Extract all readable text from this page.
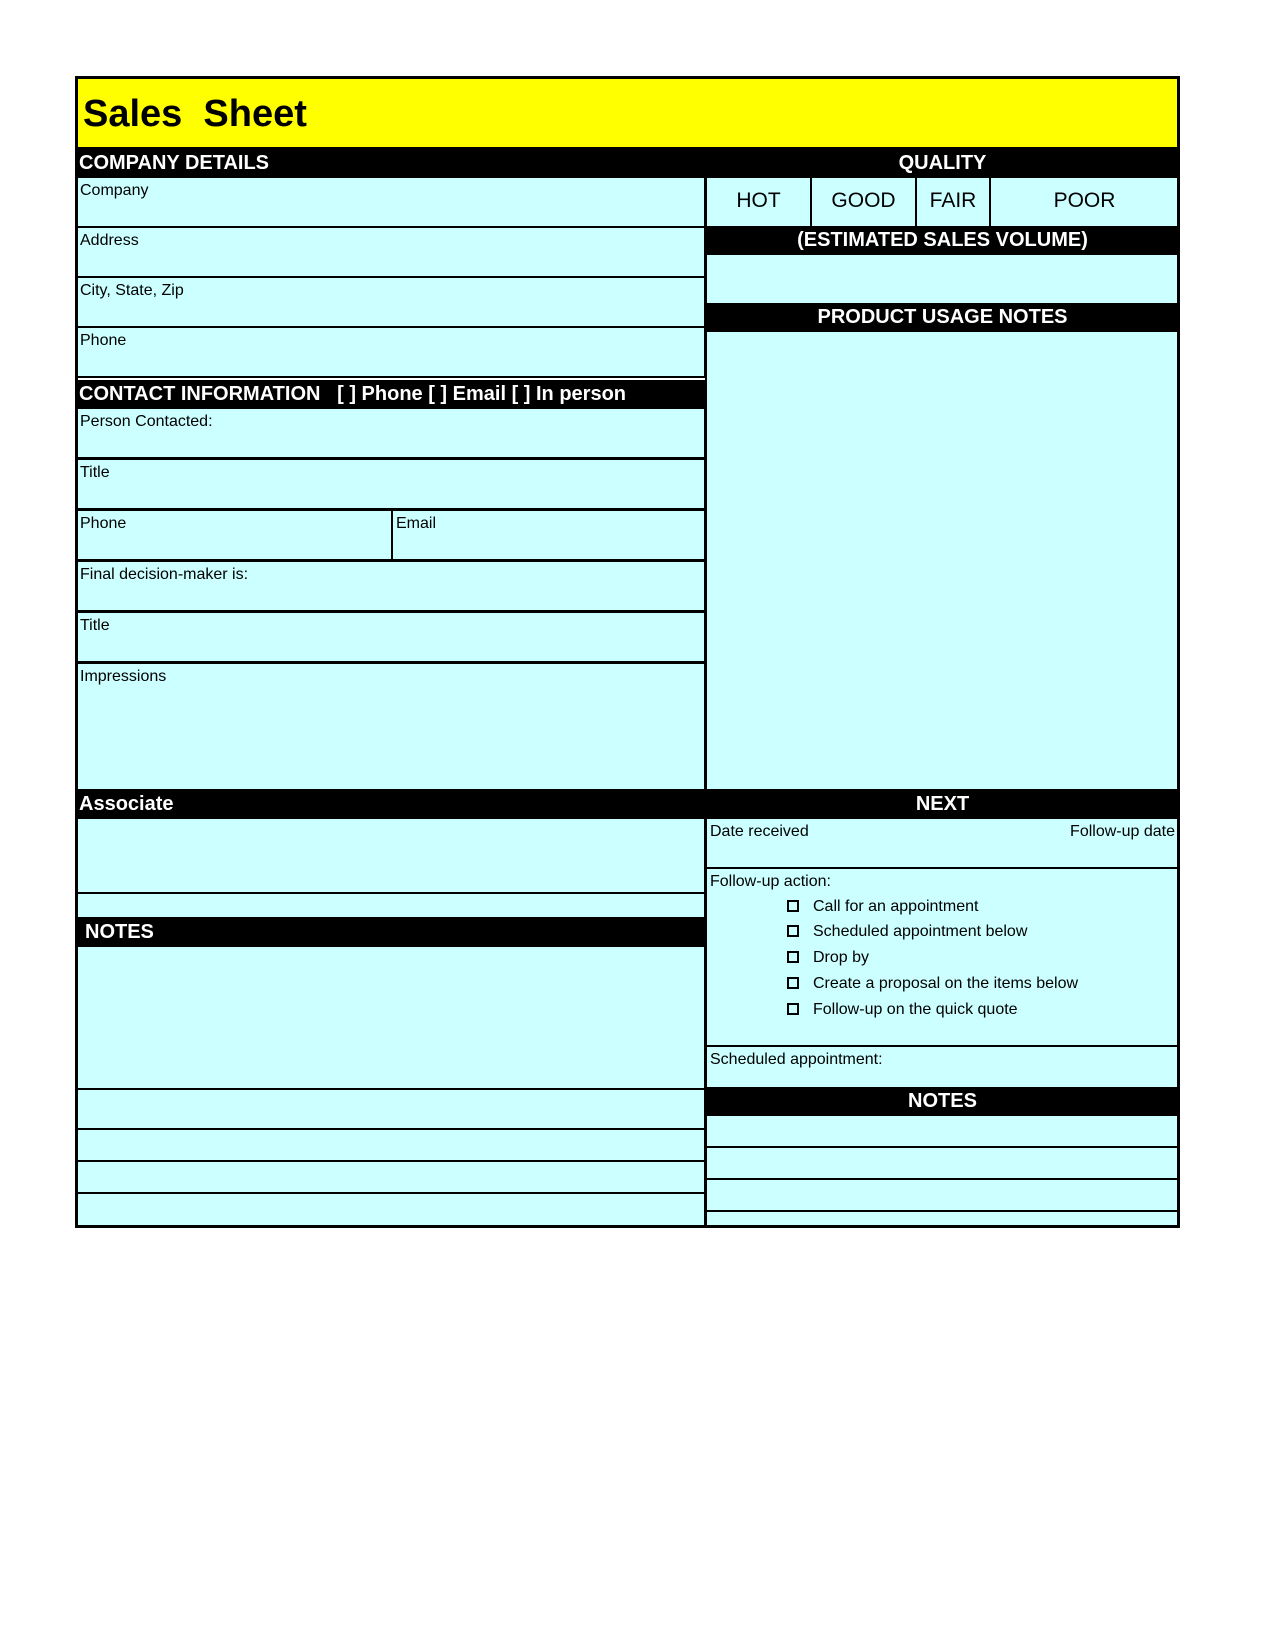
Sales  Sheet
COMPANY DETAILS
Company
Address
City, State, Zip
Phone
CONTACT INFORMATION   [ ] Phone [ ] Email [ ] In person
Person Contacted:
Title
Phone	Email
Final decision-maker is:
Title
Impressions
Associate
NOTES
QUALITY
HOT	GOOD	FAIR	POOR
(ESTIMATED SALES VOLUME)
PRODUCT USAGE NOTES
NEXT
Date received	Follow-up date
Follow-up action:
Call for an appointment
Scheduled appointment below
Drop by
Create a proposal on the items below
Follow-up on the quick quote
Scheduled appointment:
NOTES
